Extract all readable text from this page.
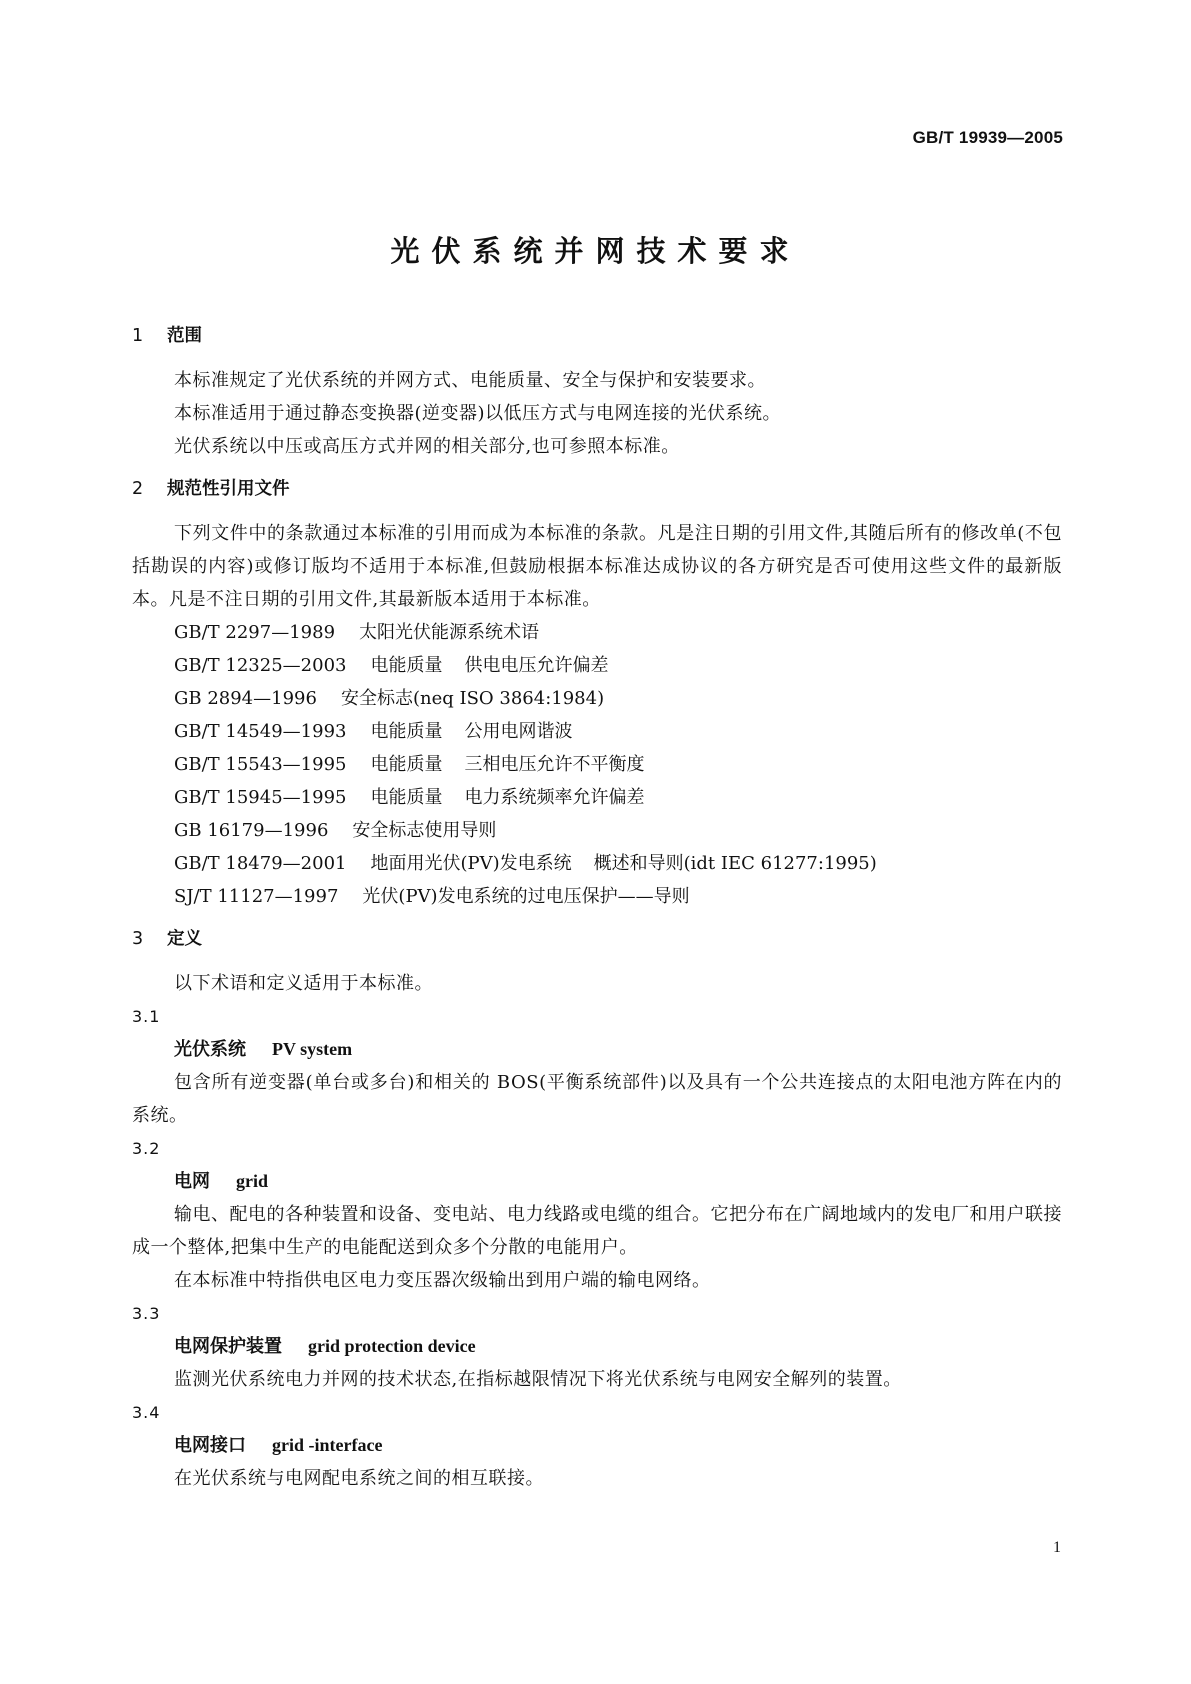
GB/T 19939—2005
光伏系统并网技术要求
1 范围
本标准规定了光伏系统的并网方式、电能质量、安全与保护和安装要求。
本标准适用于通过静态变换器(逆变器)以低压方式与电网连接的光伏系统。
光伏系统以中压或高压方式并网的相关部分,也可参照本标准。
2 规范性引用文件
下列文件中的条款通过本标准的引用而成为本标准的条款。凡是注日期的引用文件,其随后所有的修改单(不包括勘误的内容)或修订版均不适用于本标准,但鼓励根据本标准达成协议的各方研究是否可使用这些文件的最新版本。凡是不注日期的引用文件,其最新版本适用于本标准。
GB/T 2297—1989 太阳光伏能源系统术语
GB/T 12325—2003 电能质量 供电电压允许偏差
GB 2894—1996 安全标志(neq ISO 3864:1984)
GB/T 14549—1993 电能质量 公用电网谐波
GB/T 15543—1995 电能质量 三相电压允许不平衡度
GB/T 15945—1995 电能质量 电力系统频率允许偏差
GB 16179—1996 安全标志使用导则
GB/T 18479—2001 地面用光伏(PV)发电系统 概述和导则(idt IEC 61277:1995)
SJ/T 11127—1997 光伏(PV)发电系统的过电压保护——导则
3 定义
以下术语和定义适用于本标准。
3.1
光伏系统 PV system
包含所有逆变器(单台或多台)和相关的 BOS(平衡系统部件)以及具有一个公共连接点的太阳电池方阵在内的系统。
3.2
电网 grid
输电、配电的各种装置和设备、变电站、电力线路或电缆的组合。它把分布在广阔地域内的发电厂和用户联接成一个整体,把集中生产的电能配送到众多个分散的电能用户。
在本标准中特指供电区电力变压器次级输出到用户端的输电网络。
3.3
电网保护装置 grid protection device
监测光伏系统电力并网的技术状态,在指标越限情况下将光伏系统与电网安全解列的装置。
3.4
电网接口 grid -interface
在光伏系统与电网配电系统之间的相互联接。
1
